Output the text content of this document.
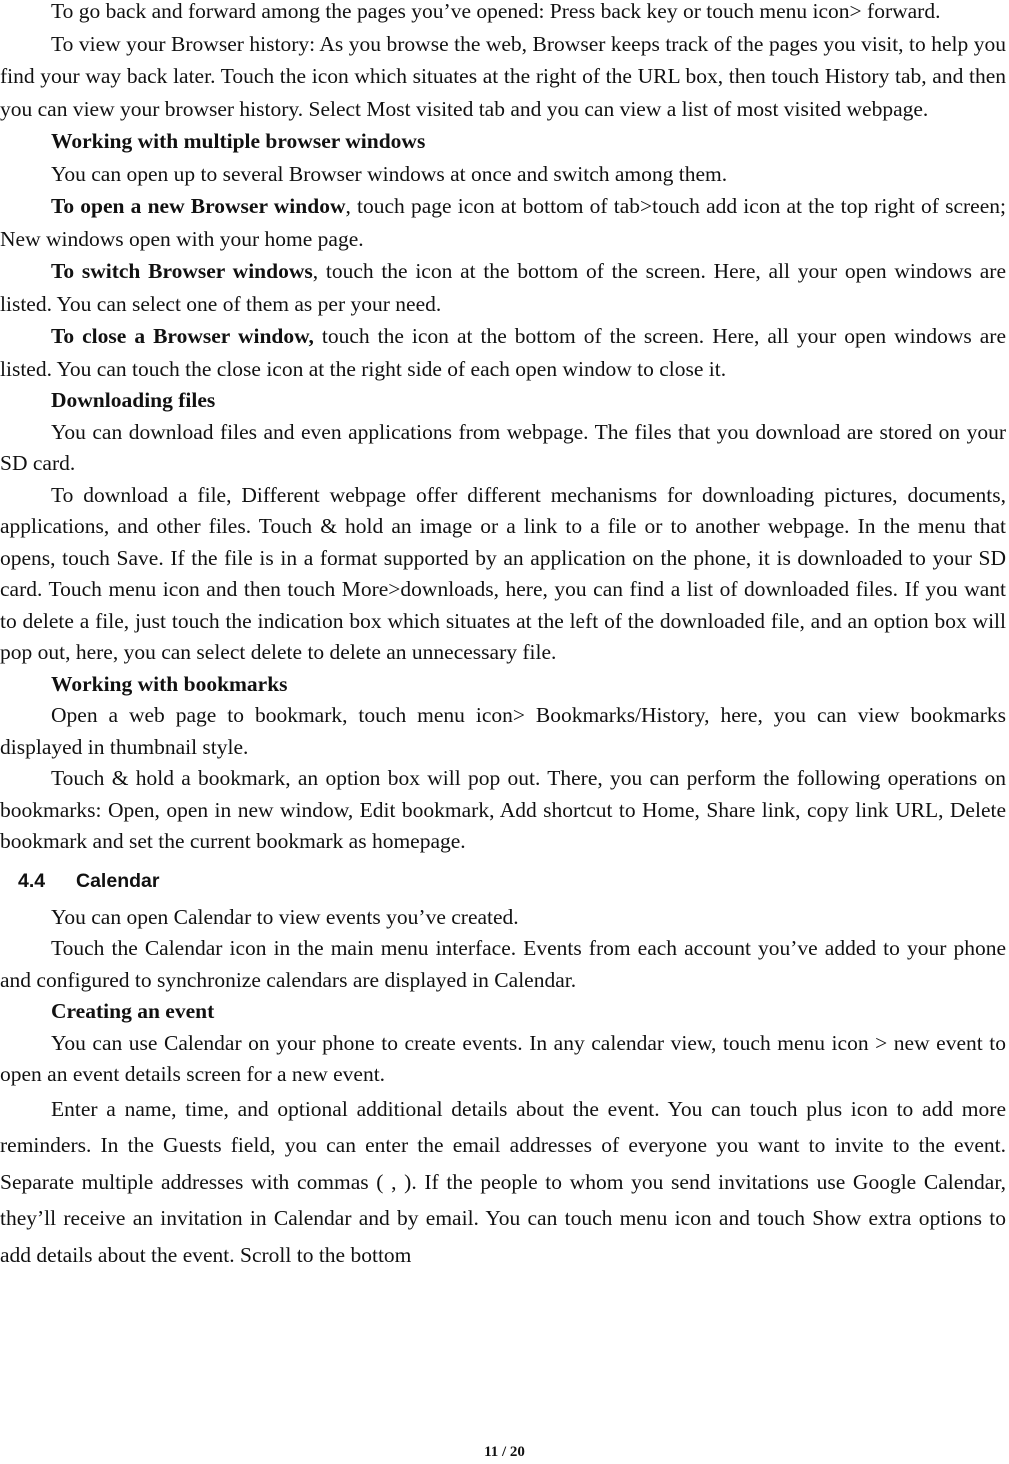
To go back and forward among the pages you’ve opened: Press back key or touch menu icon> forward.

To view your Browser history: As you browse the web, Browser keeps track of the pages you visit, to help you find your way back later. Touch the icon which situates at the right of the URL box, then touch History tab, and then you can view your browser history. Select Most visited tab and you can view a list of most visited webpage.

Working with multiple browser windows

You can open up to several Browser windows at once and switch among them.

To open a new Browser window, touch page icon at bottom of tab>touch add icon at the top right of screen; New windows open with your home page.

To switch Browser windows, touch the icon at the bottom of the screen. Here, all your open windows are listed. You can select one of them as per your need.

To close a Browser window, touch the icon at the bottom of the screen. Here, all your open windows are listed. You can touch the close icon at the right side of each open window to close it.

Downloading files

You can download files and even applications from webpage. The files that you download are stored on your SD card.

To download a file, Different webpage offer different mechanisms for downloading pictures, documents, applications, and other files. Touch & hold an image or a link to a file or to another webpage. In the menu that opens, touch Save. If the file is in a format supported by an application on the phone, it is downloaded to your SD card. Touch menu icon and then touch More>downloads, here, you can find a list of downloaded files. If you want to delete a file, just touch the indication box which situates at the left of the downloaded file, and an option box will pop out, here, you can select delete to delete an unnecessary file.

Working with bookmarks

Open a web page to bookmark, touch menu icon> Bookmarks/History, here, you can view bookmarks displayed in thumbnail style.

Touch & hold a bookmark, an option box will pop out. There, you can perform the following operations on bookmarks: Open, open in new window, Edit bookmark, Add shortcut to Home, Share link, copy link URL, Delete bookmark and set the current bookmark as homepage.

4.4 Calendar

You can open Calendar to view events you’ve created.

Touch the Calendar icon in the main menu interface. Events from each account you’ve added to your phone and configured to synchronize calendars are displayed in Calendar.

Creating an event

You can use Calendar on your phone to create events. In any calendar view, touch menu icon > new event to open an event details screen for a new event.

Enter a name, time, and optional additional details about the event. You can touch plus icon to add more reminders. In the Guests field, you can enter the email addresses of everyone you want to invite to the event. Separate multiple addresses with commas ( , ). If the people to whom you send invitations use Google Calendar, they’ll receive an invitation in Calendar and by email. You can touch menu icon and touch Show extra options to add details about the event. Scroll to the bottom

11 / 20
